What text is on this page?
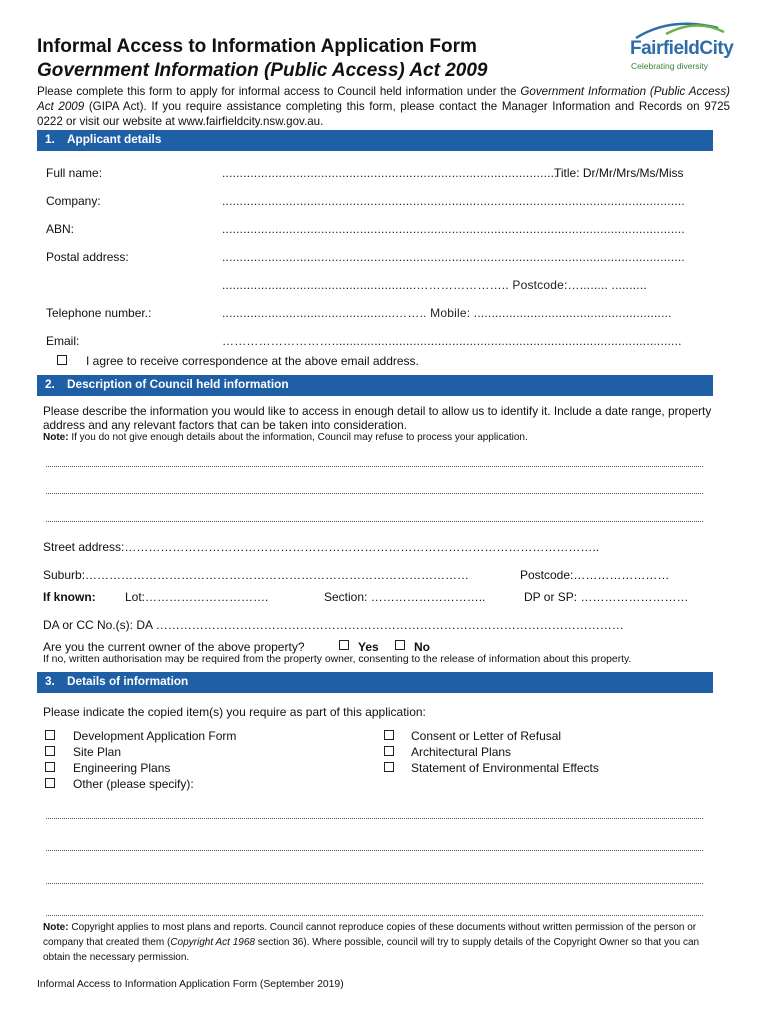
Informal Access to Information Application Form
Government Information (Public Access) Act 2009
FairfieldCity
Celebrating diversity
Please complete this form to apply for informal access to Council held information under the Government Information (Public Access) Act 2009 (GIPA Act). If you require assistance completing this form, please contact the Manager Information and Records on 9725 0222 or visit our website at www.fairfieldcity.nsw.gov.au.
1. Applicant details
Full name:	...............................................................................................
Title: Dr/Mr/Mrs/Ms/Miss
Company:	...................................................................................................................................
ABN:	...................................................................................................................................
Postal address:	...................................................................................................................................
.......................................................………………….. Postcode:…........ ..........
Telephone number.:	.................................................…….. Mobile: ........................................................
Email:	………………………...................................................................................................
I agree to receive correspondence at the above email address.
2. Description of Council held information
Please describe the information you would like to access in enough detail to allow us to identify it. Include a date range, property address and any relevant factors that can be taken into consideration.
Note: If you do not give enough details about the information, Council may refuse to process your application.
Street address:………………………………………………………………………………………………………..
Suburb:……………………………………………………………………………………	Postcode:……………………
If known: Lot:………………………….	Section: ………………………..	DP or SP: ………………………
DA or CC No.(s): DA ………………………………………………………………………………………………………
Are you the current owner of the above property?	Yes	No
If no, written authorisation may be required from the property owner, consenting to the release of information about this property.
3. Details of information
Please indicate the copied item(s) you require as part of this application:
Development Application Form
Site Plan
Engineering Plans
Other (please specify):
Consent or Letter of Refusal
Architectural Plans
Statement of Environmental Effects
Note: Copyright applies to most plans and reports. Council cannot reproduce copies of these documents without written permission of the person or company that created them (Copyright Act 1968 section 36). Where possible, council will try to supply details of the Copyright Owner so that you can obtain the necessary permission.
Informal Access to Information Application Form (September 2019)
